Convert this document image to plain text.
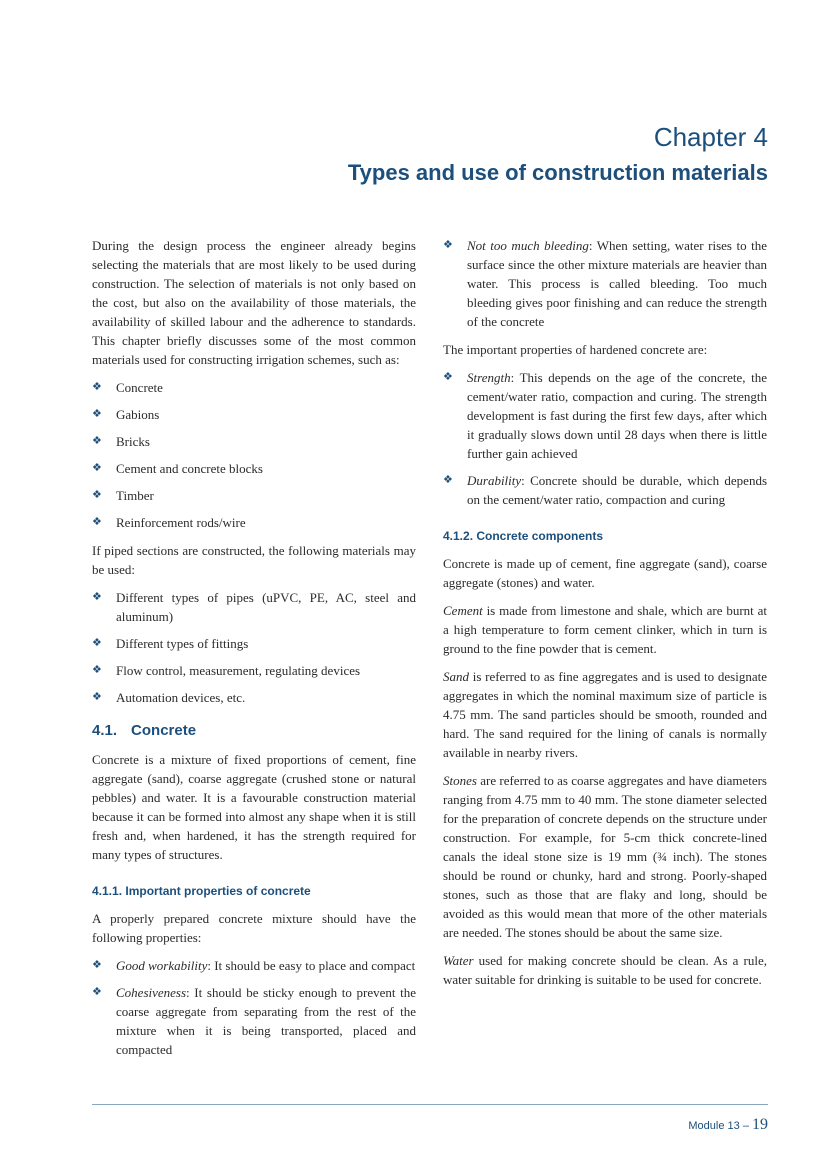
Chapter 4
Types and use of construction materials

During the design process the engineer already begins selecting the materials that are most likely to be used during construction. The selection of materials is not only based on the cost, but also on the availability of those materials, the availability of skilled labour and the adherence to standards. This chapter briefly discusses some of the most common materials used for constructing irrigation schemes, such as:

❖ Concrete
❖ Gabions
❖ Bricks
❖ Cement and concrete blocks
❖ Timber
❖ Reinforcement rods/wire

If piped sections are constructed, the following materials may be used:

❖ Different types of pipes (uPVC, PE, AC, steel and aluminum)
❖ Different types of fittings
❖ Flow control, measurement, regulating devices
❖ Automation devices, etc.
4.1. Concrete

Concrete is a mixture of fixed proportions of cement, fine aggregate (sand), coarse aggregate (crushed stone or natural pebbles) and water. It is a favourable construction material because it can be formed into almost any shape when it is still fresh and, when hardened, it has the strength required for many types of structures.

4.1.1. Important properties of concrete

A properly prepared concrete mixture should have the following properties:

❖ Good workability: It should be easy to place and compact
❖ Cohesiveness: It should be sticky enough to prevent the coarse aggregate from separating from the rest of the mixture when it is being transported, placed and compacted
❖ Not too much bleeding: When setting, water rises to the surface since the other mixture materials are heavier than water. This process is called bleeding. Too much bleeding gives poor finishing and can reduce the strength of the concrete

The important properties of hardened concrete are:

❖ Strength: This depends on the age of the concrete, the cement/water ratio, compaction and curing. The strength development is fast during the first few days, after which it gradually slows down until 28 days when there is little further gain achieved
❖ Durability: Concrete should be durable, which depends on the cement/water ratio, compaction and curing
4.1.2. Concrete components

Concrete is made up of cement, fine aggregate (sand), coarse aggregate (stones) and water.

Cement is made from limestone and shale, which are burnt at a high temperature to form cement clinker, which in turn is ground to the fine powder that is cement.

Sand is referred to as fine aggregates and is used to designate aggregates in which the nominal maximum size of particle is 4.75 mm. The sand particles should be smooth, rounded and hard. The sand required for the lining of canals is normally available in nearby rivers.

Stones are referred to as coarse aggregates and have diameters ranging from 4.75 mm to 40 mm. The stone diameter selected for the preparation of concrete depends on the structure under construction. For example, for 5-cm thick concrete-lined canals the ideal stone size is 19 mm (¾ inch). The stones should be round or chunky, hard and strong. Poorly-shaped stones, such as those that are flaky and long, should be avoided as this would mean that more of the other materials are needed. The stones should be about the same size.

Water used for making concrete should be clean. As a rule, water suitable for drinking is suitable to be used for concrete.

Module 13 – 19
